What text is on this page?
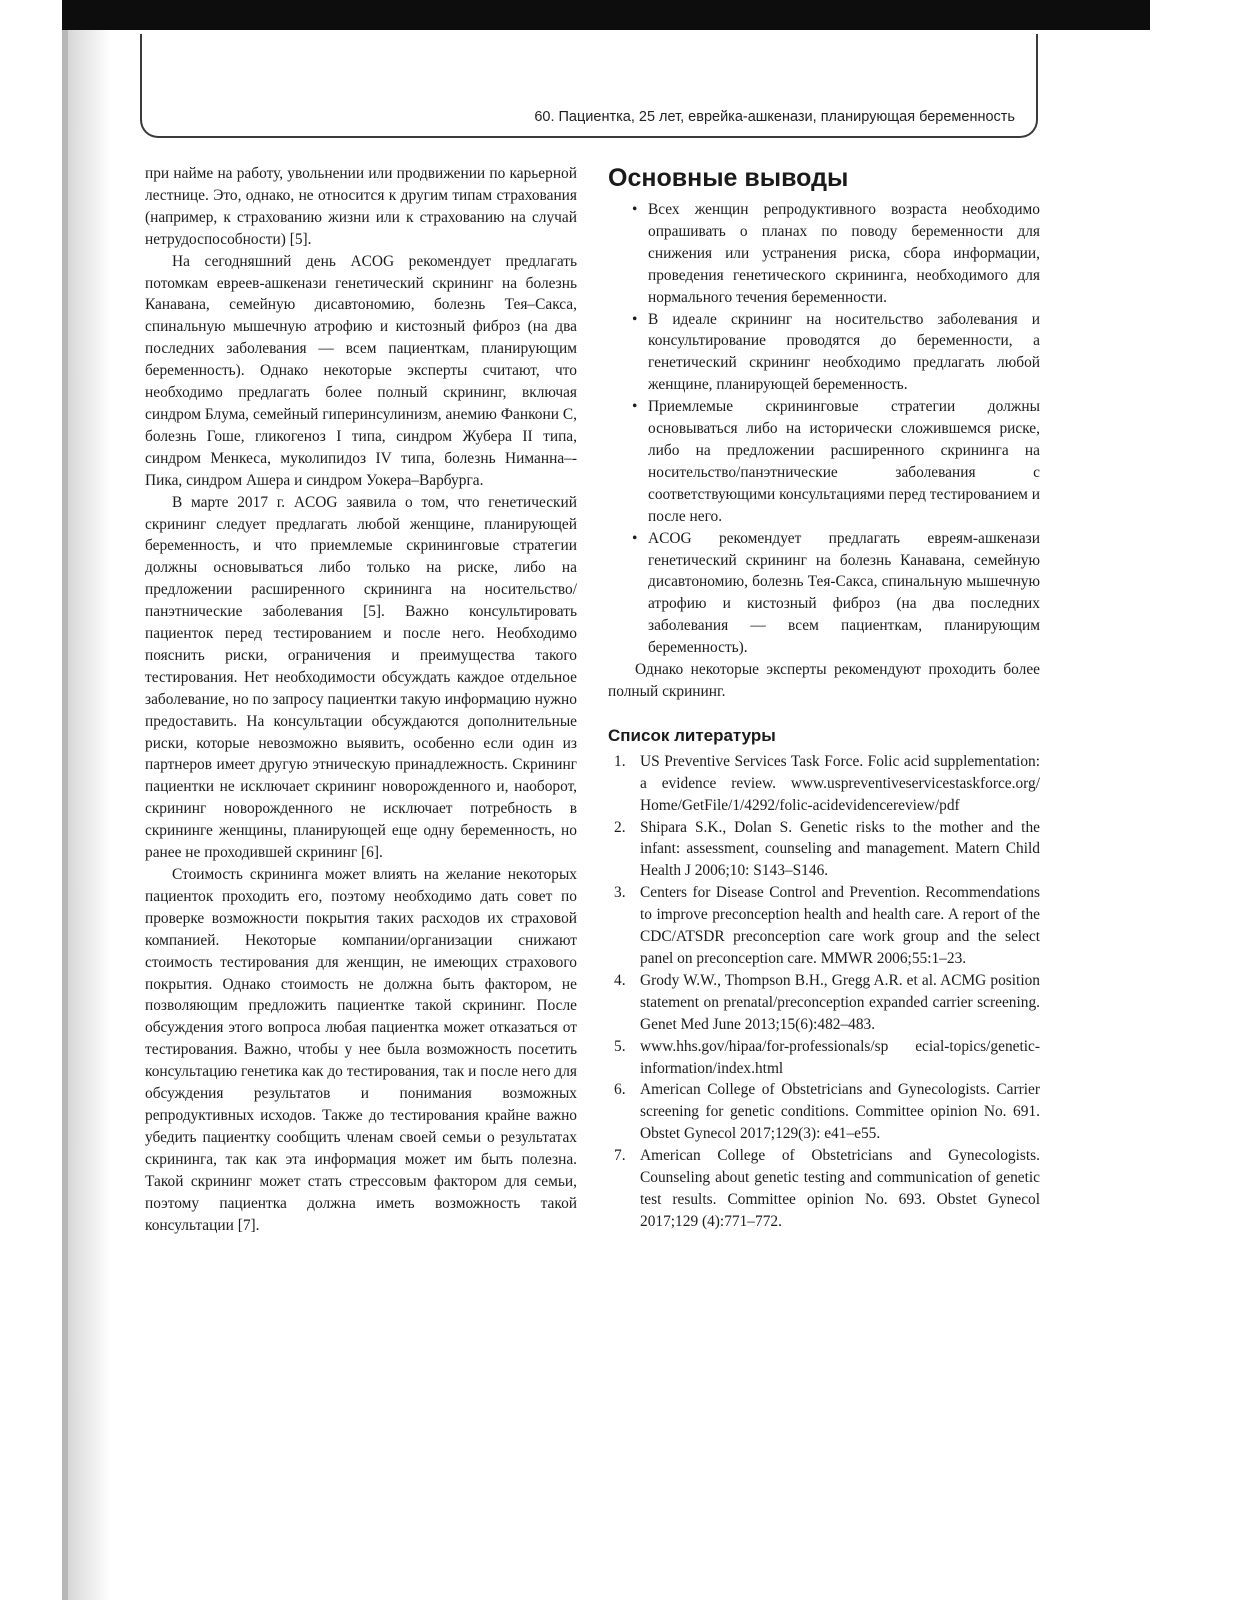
60. Пациентка, 25 лет, еврейка-ашкенази, планирующая беременность

при найме на работу, увольнении или продвижении по карьерной лестнице. Это, однако, не относится к другим типам страхования (например, к страхованию жизни или к страхованию на случай нетрудоспособности) [5].

На сегодняшний день ACOG рекомендует предлагать потомкам евреев-ашкенази генетический скрининг на болезнь Канавана, семейную дисавтономию, болезнь Тея–Сакса, спинальную мышечную атрофию и кистозный фиброз (на два последних заболевания — всем пациенткам, планирующим беременность). Однако некоторые эксперты считают, что необходимо предлагать более полный скрининг, включая синдром Блума, семейный гиперинсулинизм, анемию Фанкони C, болезнь Гоше, гликогеноз I типа, синдром Жубера II типа, синдром Менкеса, муколипидоз IV типа, болезнь Ниманна–-Пика, синдром Ашера и синдром Уокера–Варбурга.

В марте 2017 г. ACOG заявила о том, что генетический скрининг следует предлагать любой женщине, планирующей беременность, и что приемлемые скрининговые стратегии должны основываться либо только на риске, либо на предложении расширенного скрининга на носительство/панэтнические заболевания [5]. Важно консультировать пациенток перед тестированием и после него. Необходимо пояснить риски, ограничения и преимущества такого тестирования. Нет необходимости обсуждать каждое отдельное заболевание, но по запросу пациентки такую информацию нужно предоставить. На консультации обсуждаются дополнительные риски, которые невозможно выявить, особенно если один из партнеров имеет другую этническую принадлежность. Скрининг пациентки не исключает скрининг новорожденного и, наоборот, скрининг новорожденного не исключает потребность в скрининге женщины, планирующей еще одну беременность, но ранее не проходившей скрининг [6].

Стоимость скрининга может влиять на желание некоторых пациенток проходить его, поэтому необходимо дать совет по проверке возможности покрытия таких расходов их страховой компанией. Некоторые компании/организации снижают стоимость тестирования для женщин, не имеющих страхового покрытия. Однако стоимость не должна быть фактором, не позволяющим предложить пациентке такой скрининг. После обсуждения этого вопроса любая пациентка может отказаться от тестирования. Важно, чтобы у нее была возможность посетить консультацию генетика как до тестирования, так и после него для обсуждения результатов и понимания возможных репродуктивных исходов. Также до тестирования крайне важно убедить пациентку сообщить членам своей семьи о результатах скрининга, так как эта информация может им быть полезна. Такой скрининг может стать стрессовым фактором для семьи, поэтому пациентка должна иметь возможность такой консультации [7].

Основные выводы
• Всех женщин репродуктивного возраста необходимо опрашивать о планах по поводу беременности для снижения или устранения риска, сбора информации, проведения генетического скрининга, необходимого для нормального течения беременности.
• В идеале скрининг на носительство заболевания и консультирование проводятся до беременности, а генетический скрининг необходимо предлагать любой женщине, планирующей беременность.
• Приемлемые скрининговые стратегии должны основываться либо на исторически сложившемся риске, либо на предложении расширенного скрининга на носительство/панэтнические заболевания с соответствующими консультациями перед тестированием и после него.
• ACOG рекомендует предлагать евреям-ашкенази генетический скрининг на болезнь Канавана, семейную дисавтономию, болезнь Тея-Сакса, спинальную мышечную атрофию и кистозный фиброз (на два последних заболевания — всем пациенткам, планирующим беременность).

Однако некоторые эксперты рекомендуют проходить более полный скрининг.

Список литературы
1. US Preventive Services Task Force. Folic acid supplementation: a evidence review. www.uspreventiveservicestaskforce.org/ Home/GetFile/1/4292/folic-acidevidencereview/pdf
2. Shipara S.K., Dolan S. Genetic risks to the mother and the infant: assessment, counseling and management. Matern Child Health J 2006;10: S143–S146.
3. Centers for Disease Control and Prevention. Recommendations to improve preconception health and health care. A report of the CDC/ATSDR preconception care work group and the select panel on preconception care. MMWR 2006;55:1–23.
4. Grody W.W., Thompson B.H., Gregg A.R. et al. ACMG position statement on prenatal/preconception expanded carrier screening. Genet Med June 2013;15(6):482–483.
5. www.hhs.gov/hipaa/for-professionals/sp ecial-topics/genetic-information/index.html
6. American College of Obstetricians and Gynecologists. Carrier screening for genetic conditions. Committee opinion No. 691. Obstet Gynecol 2017;129(3): e41–e55.
7. American College of Obstetricians and Gynecologists. Counseling about genetic testing and communication of genetic test results. Committee opinion No. 693. Obstet Gynecol 2017;129 (4):771–772.
